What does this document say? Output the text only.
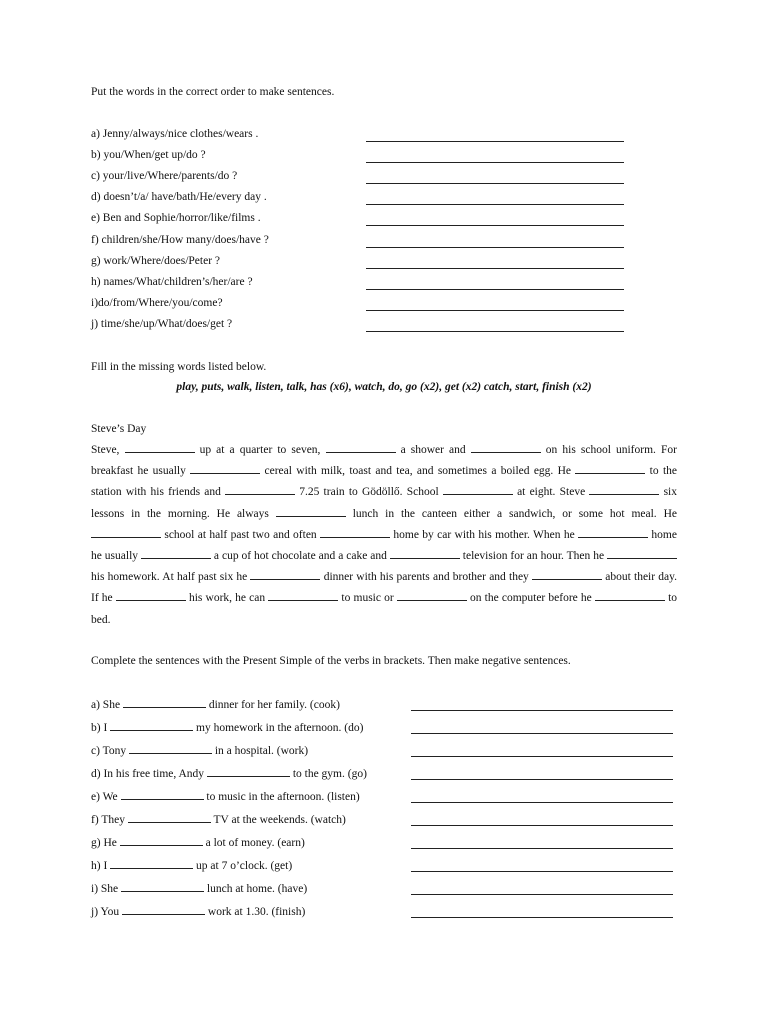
Put the words in the correct order to make sentences.
a) Jenny/always/nice clothes/wears .
b) you/When/get up/do ?
c) your/live/Where/parents/do ?
d) doesn’t/a/ have/bath/He/every day .
e) Ben and Sophie/horror/like/films .
f) children/she/How many/does/have ?
g) work/Where/does/Peter ?
h) names/What/children’s/her/are ?
i)do/from/Where/you/come?
j) time/she/up/What/does/get ?
Fill in the missing words listed below.
play, puts, walk, listen, talk, has (x6), watch, do, go (x2), get (x2) catch, start, finish (x2)
Steve’s Day
Steve,	up at a quarter to seven,	a shower and	on his school uniform. For breakfast he usually	cereal with milk, toast and tea, and sometimes a boiled egg. He	to the station with his friends and	7.25 train to Gödöllő. School	at eight. Steve	six lessons in the morning. He always	lunch in the canteen either a sandwich, or some hot meal. He  school at half past two and often	home by car with his mother. When he	home he usually	a cup of hot chocolate and a cake and	television for an hour. Then he  his homework. At half past six he	dinner with his parents and brother and they	about their day. If he	his work, he can	to music or	on the computer before he	to bed.
Complete the sentences with the Present Simple of the verbs in brackets. Then make negative sentences.
a) She	dinner for her family. (cook)
b) I	my homework in the afternoon. (do)
c) Tony	in a hospital. (work)
d) In his free time, Andy	to the gym. (go)
e) We	to music in the afternoon. (listen)
f) They	TV at the weekends. (watch)
g) He	a lot of money. (earn)
h) I	up at 7 o’clock. (get)
i) She	lunch at home. (have)
j) You	work at 1.30. (finish)
